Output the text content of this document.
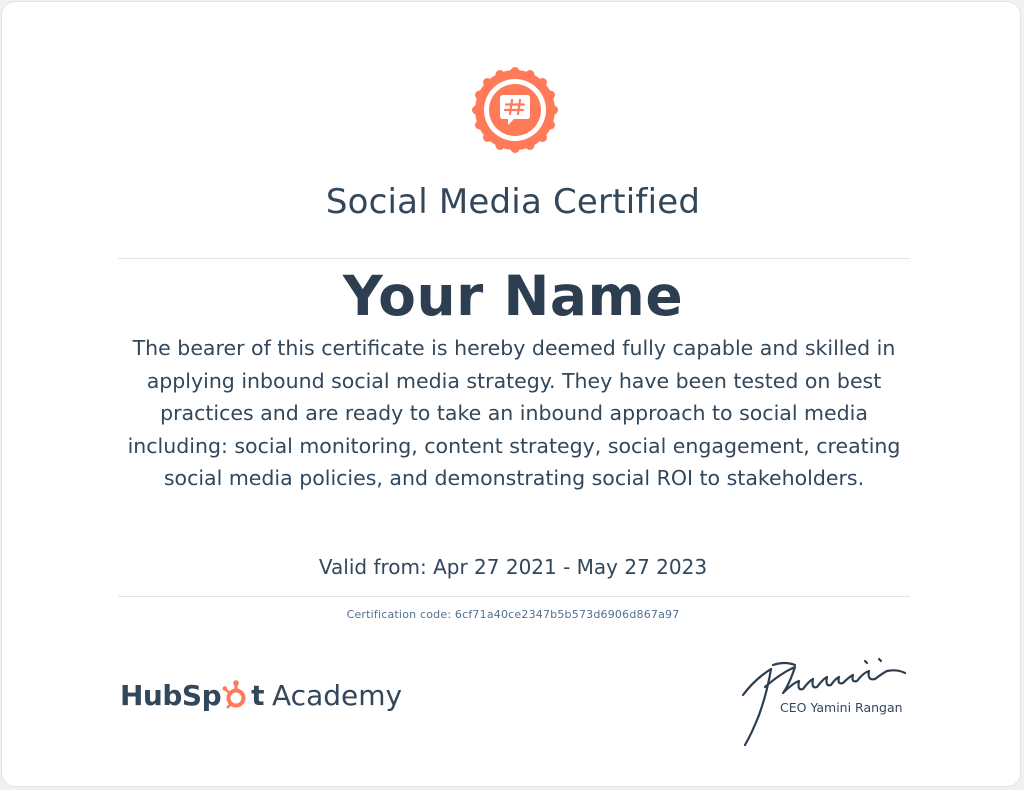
Social Media Certified
Your Name
The bearer of this certificate is hereby deemed fully capable and skilled in
applying inbound social media strategy. They have been tested on best
practices and are ready to take an inbound approach to social media
including: social monitoring, content strategy, social engagement, creating
social media policies, and demonstrating social ROI to stakeholders.
Valid from: Apr 27 2021 - May 27 2023
Certification code: 6cf71a40ce2347b5b573d6906d867a97
HubSp t Academy	CEO Yamini Rangan
